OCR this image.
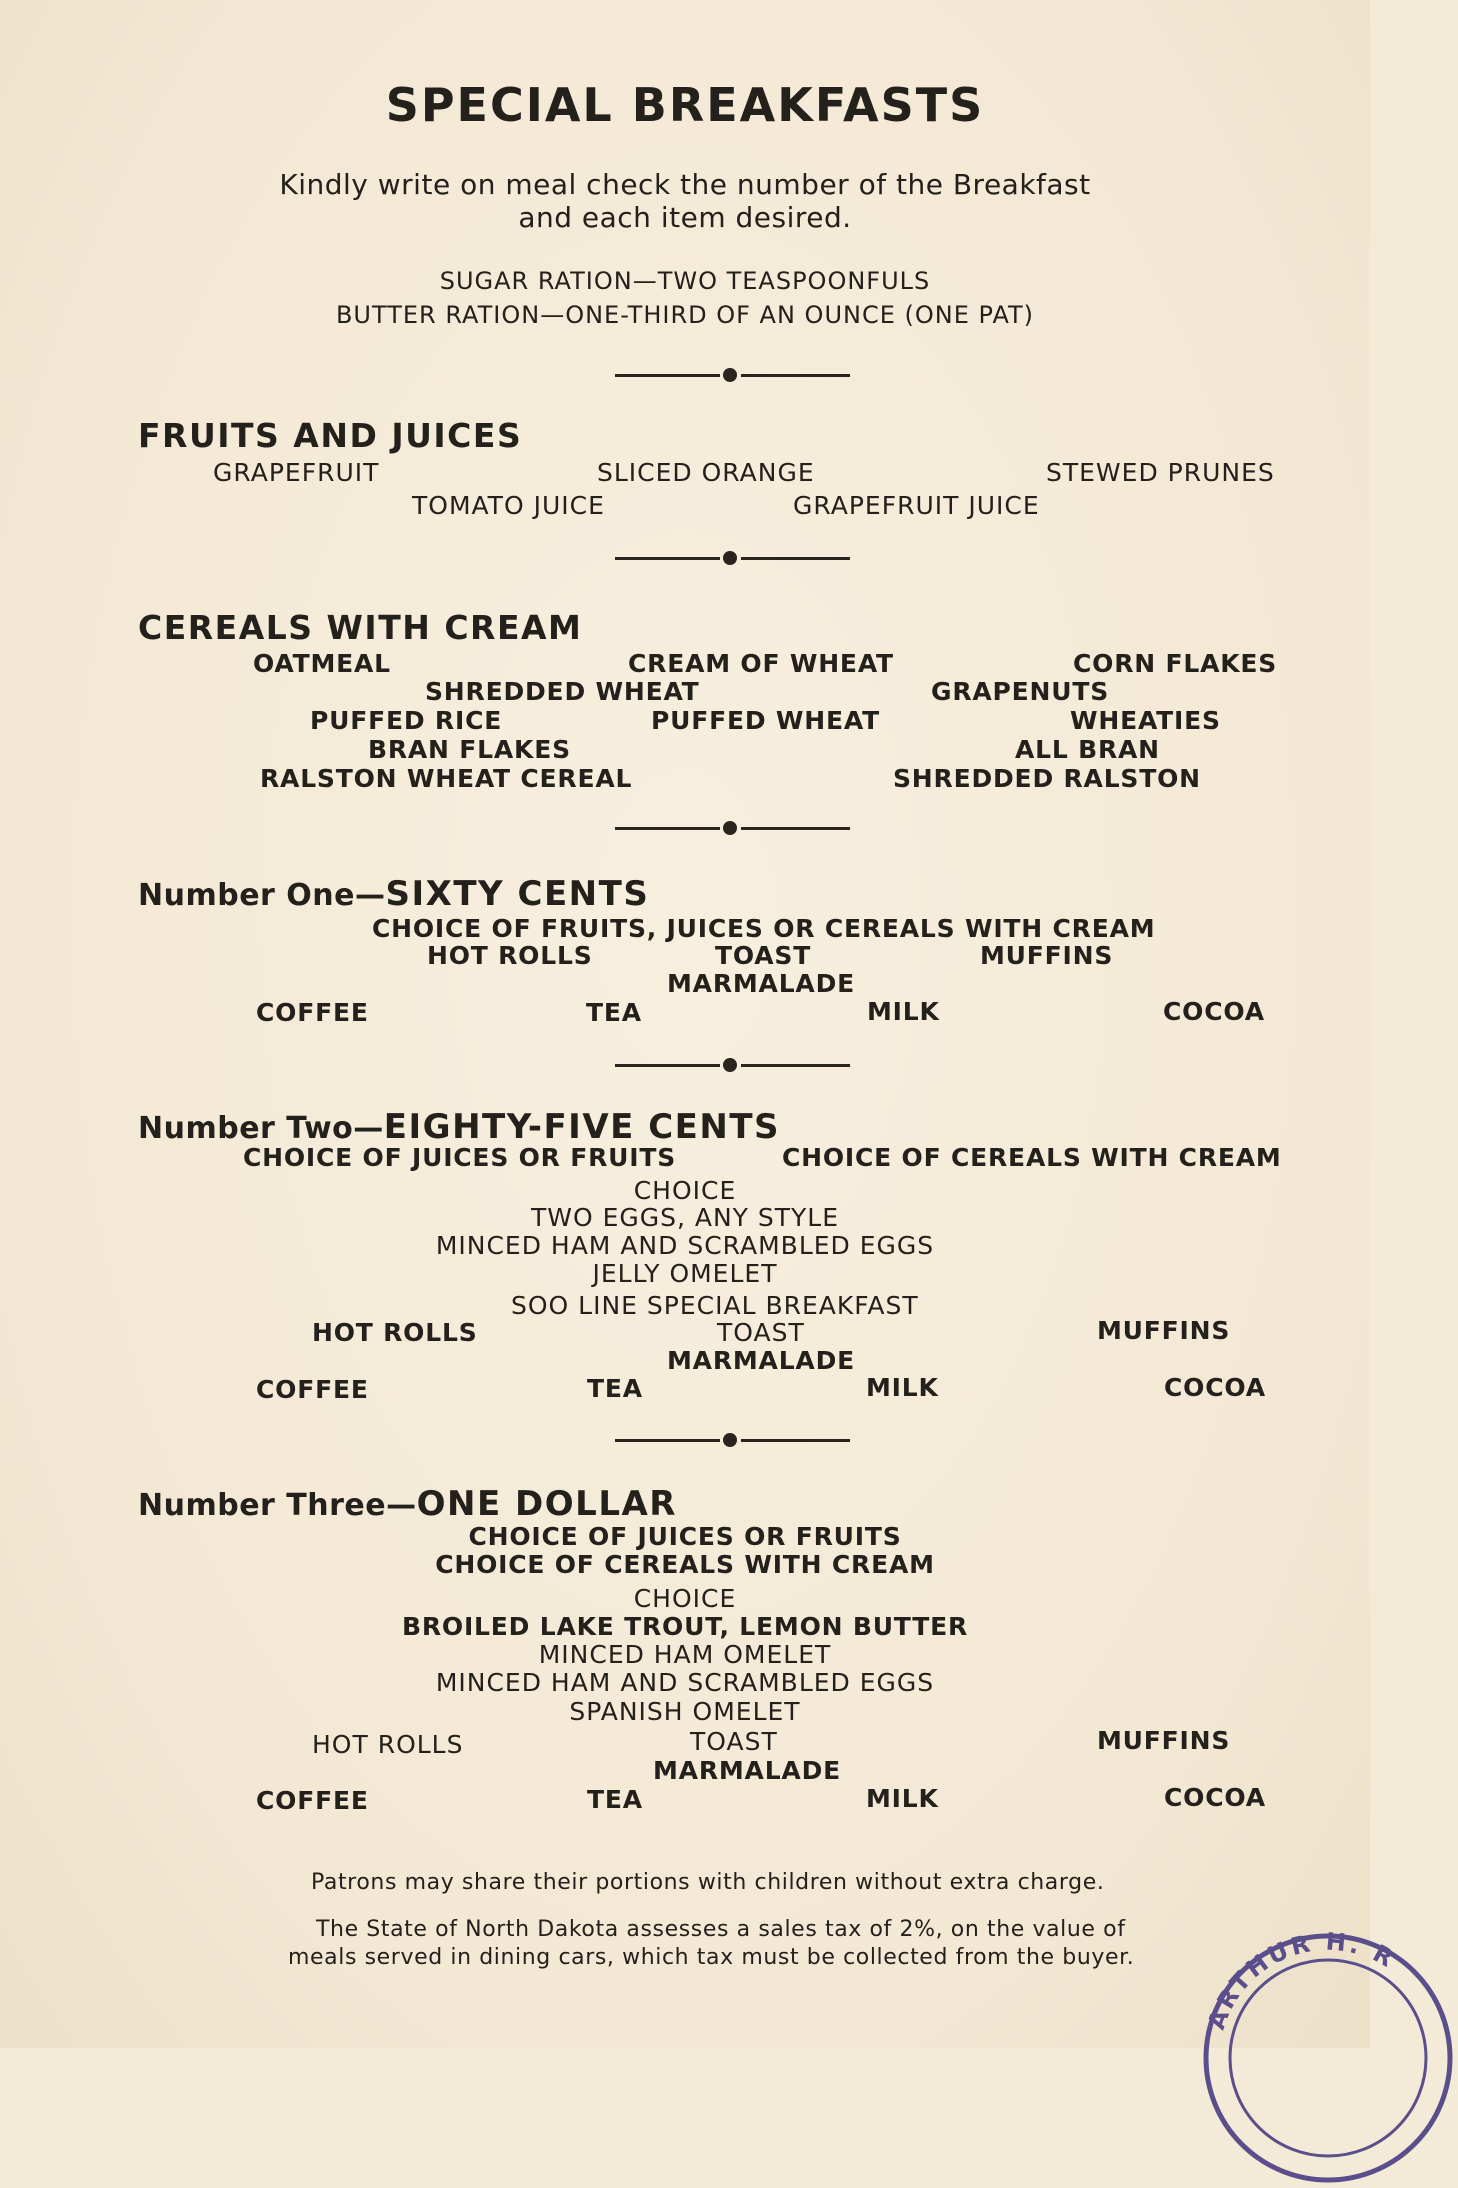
SPECIAL BREAKFASTS
Kindly write on meal check the number of the Breakfast
and each item desired.
SUGAR RATION—TWO TEASPOONFULS
BUTTER RATION—ONE-THIRD OF AN OUNCE (ONE PAT)
FRUITS AND JUICES
GRAPEFRUIT	SLICED ORANGE	STEWED PRUNES
TOMATO JUICE	GRAPEFRUIT JUICE
CEREALS WITH CREAM
OATMEAL	CREAM OF WHEAT	CORN FLAKES
SHREDDED WHEAT	GRAPENUTS
PUFFED RICE	PUFFED WHEAT	WHEATIES
BRAN FLAKES	ALL BRAN
RALSTON WHEAT CEREAL	SHREDDED RALSTON
Number One—SIXTY CENTS
CHOICE OF FRUITS, JUICES OR CEREALS WITH CREAM
HOT ROLLS	TOAST	MUFFINS
MARMALADE
COFFEE	TEA	MILK	COCOA
Number Two—EIGHTY-FIVE CENTS
CHOICE OF JUICES OR FRUITS	CHOICE OF CEREALS WITH CREAM
CHOICE
TWO EGGS, ANY STYLE
MINCED HAM AND SCRAMBLED EGGS
JELLY OMELET
SOO LINE SPECIAL BREAKFAST
HOT ROLLS	TOAST	MUFFINS
MARMALADE
COFFEE	TEA	MILK	COCOA
Number Three—ONE DOLLAR
CHOICE OF JUICES OR FRUITS
CHOICE OF CEREALS WITH CREAM
CHOICE
BROILED LAKE TROUT, LEMON BUTTER
MINCED HAM OMELET
MINCED HAM AND SCRAMBLED EGGS
SPANISH OMELET
HOT ROLLS	TOAST	MUFFINS
MARMALADE
COFFEE	TEA	MILK	COCOA
Patrons may share their portions with children without extra charge.
The State of North Dakota assesses a sales tax of 2%, on the value of
meals served in dining cars, which tax must be collected from the buyer.
ARTHUR H. R
